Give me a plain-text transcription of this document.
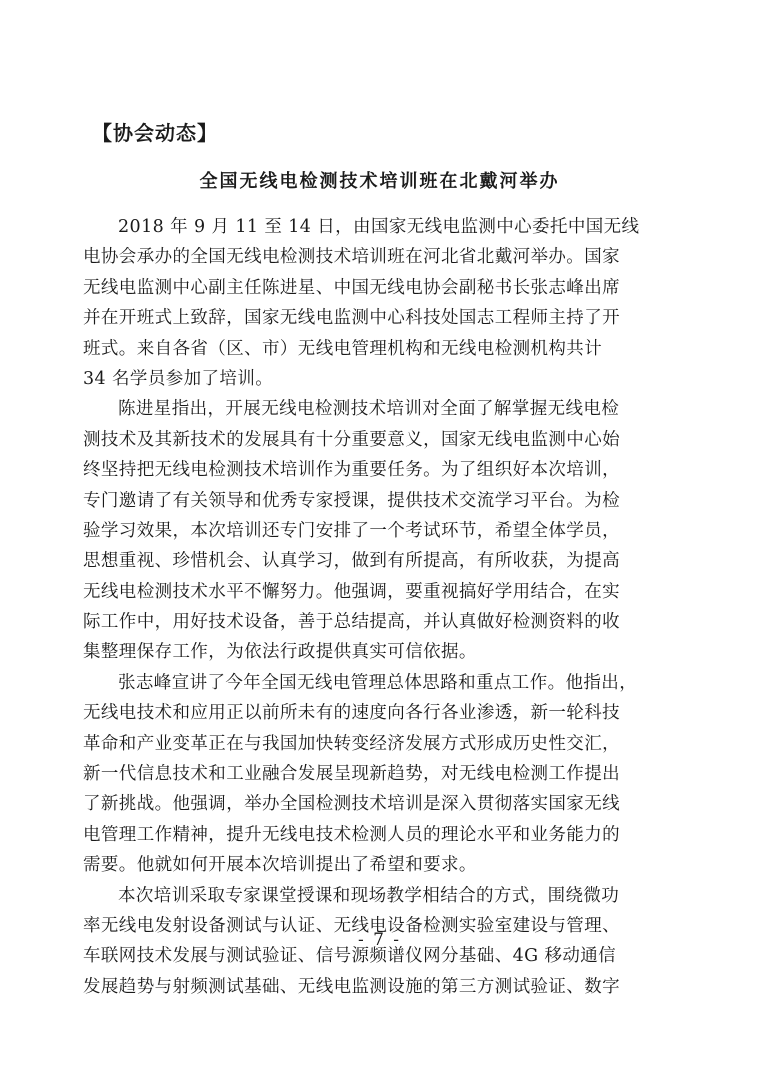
【协会动态】
全国无线电检测技术培训班在北戴河举办
2018 年 9 月 11 至 14 日，由国家无线电监测中心委托中国无线
电协会承办的全国无线电检测技术培训班在河北省北戴河举办。国家
无线电监测中心副主任陈进星、中国无线电协会副秘书长张志峰出席
并在开班式上致辞，国家无线电监测中心科技处国志工程师主持了开
班式。来自各省（区、市）无线电管理机构和无线电检测机构共计
34 名学员参加了培训。
陈进星指出，开展无线电检测技术培训对全面了解掌握无线电检
测技术及其新技术的发展具有十分重要意义，国家无线电监测中心始
终坚持把无线电检测技术培训作为重要任务。为了组织好本次培训，
专门邀请了有关领导和优秀专家授课，提供技术交流学习平台。为检
验学习效果，本次培训还专门安排了一个考试环节，希望全体学员，
思想重视、珍惜机会、认真学习，做到有所提高，有所收获，为提高
无线电检测技术水平不懈努力。他强调，要重视搞好学用结合，在实
际工作中，用好技术设备，善于总结提高，并认真做好检测资料的收
集整理保存工作，为依法行政提供真实可信依据。
张志峰宣讲了今年全国无线电管理总体思路和重点工作。他指出，
无线电技术和应用正以前所未有的速度向各行各业渗透，新一轮科技
革命和产业变革正在与我国加快转变经济发展方式形成历史性交汇，
新一代信息技术和工业融合发展呈现新趋势，对无线电检测工作提出
了新挑战。他强调，举办全国检测技术培训是深入贯彻落实国家无线
电管理工作精神，提升无线电技术检测人员的理论水平和业务能力的
需要。他就如何开展本次培训提出了希望和要求。
本次培训采取专家课堂授课和现场教学相结合的方式，围绕微功
率无线电发射设备测试与认证、无线电设备检测实验室建设与管理、
车联网技术发展与测试验证、信号源频谱仪网分基础、4G 移动通信
发展趋势与射频测试基础、无线电监测设施的第三方测试验证、数字
- 7 -
